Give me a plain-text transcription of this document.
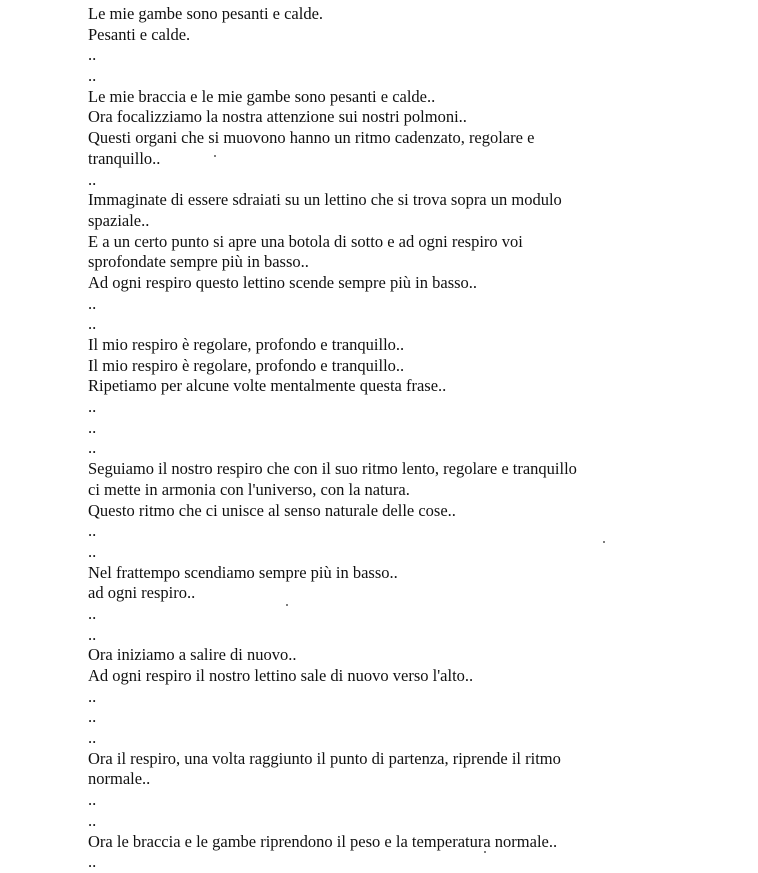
Le mie gambe sono pesanti e calde.
Pesanti e calde.
..
..
Le mie braccia e le mie gambe sono pesanti e calde..
Ora focalizziamo la nostra attenzione sui nostri polmoni..
Questi organi che si muovono hanno un ritmo cadenzato, regolare e
tranquillo..
..
Immaginate di essere sdraiati su un lettino che si trova sopra un modulo
spaziale..
E a un certo punto si apre una botola di sotto e ad ogni respiro voi
sprofondate sempre più in basso..
Ad ogni respiro questo lettino scende sempre più in basso..
..
..
Il mio respiro è regolare, profondo e tranquillo..
Il mio respiro è regolare, profondo e tranquillo..
Ripetiamo per alcune volte mentalmente questa frase..
..
..
..
Seguiamo il nostro respiro che con il suo ritmo lento, regolare e tranquillo
ci mette in armonia con l'universo, con la natura.
Questo ritmo che ci unisce al senso naturale delle cose..
..
..
Nel frattempo scendiamo sempre più in basso..
ad ogni respiro..
..
..
Ora iniziamo a salire di nuovo..
Ad ogni respiro il nostro lettino sale di nuovo verso l'alto..
..
..
..
Ora il respiro, una volta raggiunto il punto di partenza, riprende il ritmo
normale..
..
..
Ora le braccia e le gambe riprendono il peso e la temperatura normale..
..
